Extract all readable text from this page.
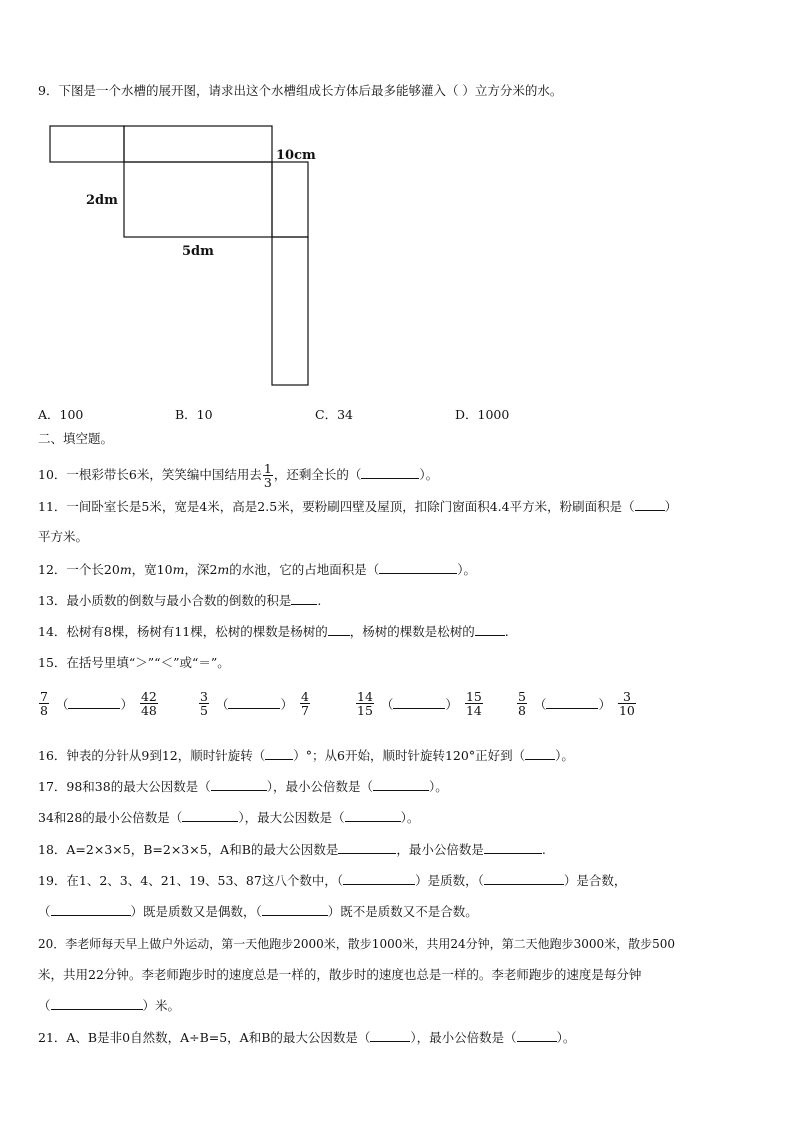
9．下图是一个水槽的展开图，请求出这个水槽组成长方体后最多能够灌入（ ）立方分米的水。
10cm
2dm
5dm
A．100	B．10	C．34	D．1000
二、填空题。
10．一根彩带长6米，笑笑编中国结用去 $\frac{1}{3}$ ，还剩全长的（	）。
11．一间卧室长是5米，宽是4米，高是2.5米，要粉刷四壁及屋顶，扣除门窗面积4.4平方米，粉刷面积是（ ）
平方米。
12．一个长20m，宽10m，深2m的水池，它的占地面积是（	）。
13．最小质数的倒数与最小合数的倒数的积是 .
14．松树有8棵，杨树有11棵，松树的棵数是杨树的 ，杨树的棵数是松树的 .
15．在括号里填“＞”“＜”或“＝”。
$\frac{7}{8}$ （	） $\frac{42}{48}$	$\frac{3}{5}$ （	） $\frac{4}{7}$	$\frac{14}{15}$ （	） $\frac{15}{14}$	$\frac{5}{8}$ （	） $\frac{3}{10}$
16．钟表的分针从9到12，顺时针旋转（ ）°；从6开始，顺时针旋转120°正好到（ ）。
17．98和38的最大公因数是（	），最小公倍数是（	）。
34和28的最小公倍数是（	），最大公因数是（	）。
18．A=2×3×5，B=2×3×5，A和B的最大公因数是	，最小公倍数是	.
19．在1、2、3、4、21、19、53、87这八个数中，（	）是质数，（	）是合数，
（	）既是质数又是偶数，（	）既不是质数又不是合数。
20．李老师每天早上做户外运动，第一天他跑步2000米，散步1000米，共用24分钟，第二天他跑步3000米，散步500
米，共用22分钟。李老师跑步时的速度总是一样的，散步时的速度也总是一样的。李老师跑步的速度是每分钟
（	）米。
21．A、B是非0自然数，A÷B=5，A和B的最大公因数是（	），最小公倍数是（	）。
